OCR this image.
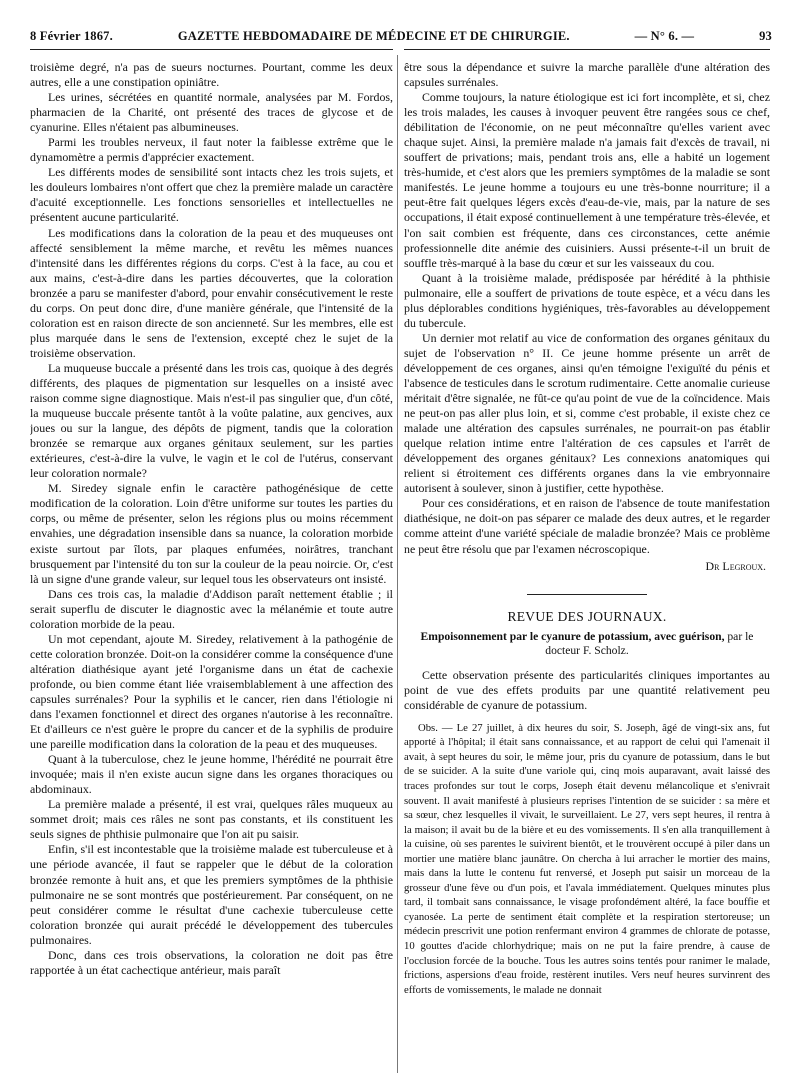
8 Février 1867.	GAZETTE HEBDOMADAIRE DE MÉDECINE ET DE CHIRURGIE.	— N° 6. —	93

troisième degré, n'a pas de sueurs nocturnes. Pourtant, comme les deux autres, elle a une constipation opiniâtre.

Les urines, sécrétées en quantité normale, analysées par M. Fordos, pharmacien de la Charité, ont présenté des traces de glycose et de cyanurine. Elles n'étaient pas albumineuses.

Parmi les troubles nerveux, il faut noter la faiblesse extrême que le dynamomètre a permis d'apprécier exactement.

Les différents modes de sensibilité sont intacts chez les trois sujets, et les douleurs lombaires n'ont offert que chez la première malade un caractère d'acuité exceptionnelle. Les fonctions sensorielles et intellectuelles ne présentent aucune particularité.

Les modifications dans la coloration de la peau et des muqueuses ont affecté sensiblement la même marche, et revêtu les mêmes nuances d'intensité dans les différentes régions du corps. C'est à la face, au cou et aux mains, c'est-à-dire dans les parties découvertes, que la coloration bronzée a paru se manifester d'abord, pour envahir consécutivement le reste du corps. On peut donc dire, d'une manière générale, que l'intensité de la coloration est en raison directe de son ancienneté. Sur les membres, elle est plus marquée dans le sens de l'extension, excepté chez le sujet de la troisième observation.

La muqueuse buccale a présenté dans les trois cas, quoique à des degrés différents, des plaques de pigmentation sur lesquelles on a insisté avec raison comme signe diagnostique. Mais n'est-il pas singulier que, d'un côté, la muqueuse buccale présente tantôt à la voûte palatine, aux gencives, aux joues ou sur la langue, des dépôts de pigment, tandis que la coloration bronzée se remarque aux organes génitaux seulement, sur les parties extérieures, c'est-à-dire la vulve, le vagin et le col de l'utérus, conservant leur coloration normale?

M. Siredey signale enfin le caractère pathogénésique de cette modification de la coloration. Loin d'être uniforme sur toutes les parties du corps, ou même de présenter, selon les régions plus ou moins récemment envahies, une dégradation insensible dans sa nuance, la coloration morbide existe surtout par îlots, par plaques enfumées, noirâtres, tranchant brusquement par l'intensité du ton sur la couleur de la peau noircie. Or, c'est là un signe d'une grande valeur, sur lequel tous les observateurs ont insisté.

Dans ces trois cas, la maladie d'Addison paraît nettement établie ; il serait superflu de discuter le diagnostic avec la mélanémie et toute autre coloration morbide de la peau.

Un mot cependant, ajoute M. Siredey, relativement à la pathogénie de cette coloration bronzée. Doit-on la considérer comme la conséquence d'une altération diathésique ayant jeté l'organisme dans un état de cachexie profonde, ou bien comme étant liée vraisemblablement à une affection des capsules surrénales? Pour la syphilis et le cancer, rien dans l'étiologie ni dans l'examen fonctionnel et direct des organes n'autorise à les reconnaître. Et d'ailleurs ce n'est guère le propre du cancer et de la syphilis de produire une pareille modification dans la coloration de la peau et des muqueuses.

Quant à la tuberculose, chez le jeune homme, l'hérédité ne pourrait être invoquée; mais il n'en existe aucun signe dans les organes thoraciques ou abdominaux.

La première malade a présenté, il est vrai, quelques râles muqueux au sommet droit; mais ces râles ne sont pas constants, et ils constituent les seuls signes de phthisie pulmonaire que l'on ait pu saisir.

Enfin, s'il est incontestable que la troisième malade est tuberculeuse et à une période avancée, il faut se rappeler que le début de la coloration bronzée remonte à huit ans, et que les premiers symptômes de la phthisie pulmonaire ne se sont montrés que postérieurement. Par conséquent, on ne peut considérer comme le résultat d'une cachexie tuberculeuse cette coloration bronzée qui aurait précédé le développement des tubercules pulmonaires.

Donc, dans ces trois observations, la coloration ne doit pas être rapportée à un état cachectique antérieur, mais paraît

être sous la dépendance et suivre la marche parallèle d'une altération des capsules surrénales.

Comme toujours, la nature étiologique est ici fort incomplète, et si, chez les trois malades, les causes à invoquer peuvent être rangées sous ce chef, débilitation de l'économie, on ne peut méconnaître qu'elles varient avec chaque sujet. Ainsi, la première malade n'a jamais fait d'excès de travail, ni souffert de privations; mais, pendant trois ans, elle a habité un logement très-humide, et c'est alors que les premiers symptômes de la maladie se sont manifestés. Le jeune homme a toujours eu une très-bonne nourriture; il a peut-être fait quelques légers excès d'eau-de-vie, mais, par la nature de ses occupations, il était exposé continuellement à une température très-élevée, et l'on sait combien est fréquente, dans ces circonstances, cette anémie professionnelle dite anémie des cuisiniers. Aussi présente-t-il un bruit de souffle très-marqué à la base du cœur et sur les vaisseaux du cou.

Quant à la troisième malade, prédisposée par hérédité à la phthisie pulmonaire, elle a souffert de privations de toute espèce, et a vécu dans les plus déplorables conditions hygiéniques, très-favorables au développement du tubercule.

Un dernier mot relatif au vice de conformation des organes génitaux du sujet de l'observation n° II. Ce jeune homme présente un arrêt de développement de ces organes, ainsi qu'en témoigne l'exiguïté du pénis et l'absence de testicules dans le scrotum rudimentaire. Cette anomalie curieuse méritait d'être signalée, ne fût-ce qu'au point de vue de la coïncidence. Mais ne peut-on pas aller plus loin, et si, comme c'est probable, il existe chez ce malade une altération des capsules surrénales, ne pourrait-on pas établir quelque relation intime entre l'altération de ces capsules et l'arrêt de développement des organes génitaux? Les connexions anatomiques qui relient si étroitement ces différents organes dans la vie embryonnaire autorisent à soulever, sinon à justifier, cette hypothèse.

Pour ces considérations, et en raison de l'absence de toute manifestation diathésique, ne doit-on pas séparer ce malade des deux autres, et le regarder comme atteint d'une variété spéciale de maladie bronzée? Mais ce problème ne peut être résolu que par l'examen nécroscopique.

Dr Legroux.

REVUE DES JOURNAUX.

Empoisonnement par le cyanure de potassium, avec guérison, par le docteur F. Scholz.

Cette observation présente des particularités cliniques importantes au point de vue des effets produits par une quantité relativement peu considérable de cyanure de potassium.

Obs. — Le 27 juillet, à dix heures du soir, S. Joseph, âgé de vingt-six ans, fut apporté à l'hôpital; il était sans connaissance, et au rapport de celui qui l'amenait il avait, à sept heures du soir, le même jour, pris du cyanure de potassium, dans le but de se suicider. A la suite d'une variole qui, cinq mois auparavant, avait laissé des traces profondes sur tout le corps, Joseph était devenu mélancolique et s'enivrait souvent. Il avait manifesté à plusieurs reprises l'intention de se suicider : sa mère et sa sœur, chez lesquelles il vivait, le surveillaient. Le 27, vers sept heures, il rentra à la maison; il avait bu de la bière et eu des vomissements. Il s'en alla tranquillement à la cuisine, où ses parentes le suivirent bientôt, et le trouvèrent occupé à piler dans un mortier une matière blanc jaunâtre. On chercha à lui arracher le mortier des mains, mais dans la lutte le contenu fut renversé, et Joseph put saisir un morceau de la grosseur d'une fève ou d'un pois, et l'avala immédiatement. Quelques minutes plus tard, il tombait sans connaissance, le visage profondément altéré, la face bouffie et cyanosée. La perte de sentiment était complète et la respiration stertoreuse; un médecin prescrivit une potion renfermant environ 4 grammes de chlorate de potasse, 10 gouttes d'acide chlorhydrique; mais on ne put la faire prendre, à cause de l'occlusion forcée de la bouche. Tous les autres soins tentés pour ranimer le malade, frictions, aspersions d'eau froide, restèrent inutiles. Vers neuf heures survinrent des efforts de vomissements, le malade ne donnait
